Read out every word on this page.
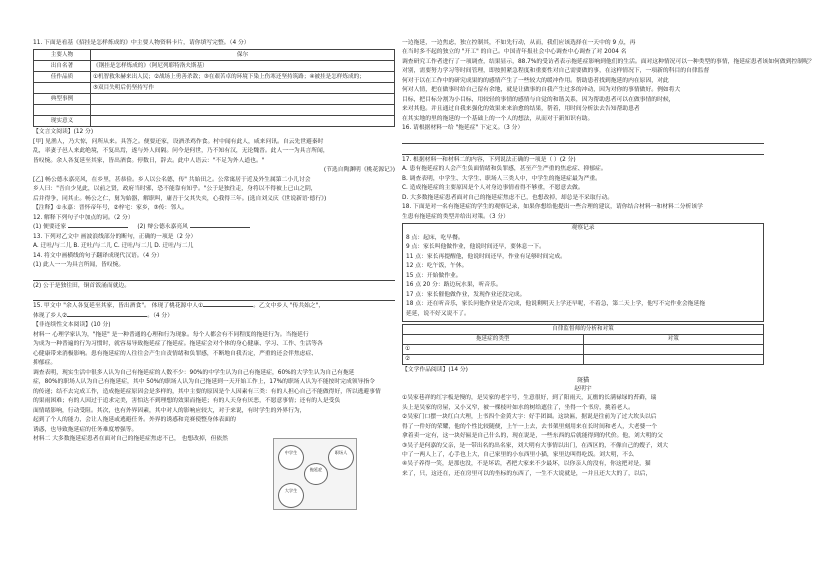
11. 下面是看基《招挂是怎样炼成的》中主要人物资料卡片，请你填写完整。（4 分）
主要人物	保尔
出自名著	《钢挂是怎样炼成的》（阿尼列耶特洛夫斯基）
佳作品质	①机智救朱赫来出人民；②战场上勇善杀敌；③在艰苦卓的环境下染上伤寒还坚持筑路；④被挂是怎样炼成的；
	⑤双目失明后仍坚持写作
典型事例	

现实意义	
【文言文阅读】(12 分)
[甲] 见渔人，乃大惊，问所从来。具答之。便要还家，设酒杀鸡作食。村中闻有此人，咸来问讯。自云先世避秦时
乱，率妻子邑人来此绝境，不复出焉，遂与外人间隔。问今是何世，乃不知有汉，无论魏晋。此人一一为具言所闻，
皆叹惋。余人各复延至其家，皆出酒食。停数日，辞去。此中人语云："不足为外人道也。"
(节选自陶渊明《桃花源记》)
[乙] 畅公德永嘉亮风，在乡里，甚恭俭。乡人以公名德，传" 共始田之。公常寓居于近及外生属第二小儿讨会
乡人曰："吾自少见此，以前之贤，政府当时邪，恐不能靠有知乎。"公于是独往走，身将以不得被上已山之阴，
后并得争，同其止。畅公之仁，舅为始器，解职叫，庸吾于父其失夹，心我得三年。(选自刘义庆《世说新语·德行》)
【注释】①永嘉：晋怀帝年号，②梓宅：家乡，③传：邻人。
12. 解释下列句子中加点的词。（2 分）
(1) 便要还家	(2) 辩公德永嘉亮风
13. 下列对乙文中 画波浪线部分的断句，正确的一项是（2 分）
A. 迁吐/与二儿 B. 迁吐/与二儿 C. 迁吐/与二儿 D. 迁吐/与二儿
14. 将文中画横线的句子翻译成现代汉语。（4 分）
(1) 此人一一为具言所闻，皆叹惋。
(2) 公于是独往田，铜首饭涌而就边。
15. 甲文中 "余人各复延至其家，皆出酒食"。 体现了桃花源中人①	。乙文中乡人 "传共始之"，
体现了乡人②	。（4 分）
【非连续性文本阅读】(10 分)
材料一 心理学家认为，"拖延" 是一种普通的心理和行为现象。每个人都会有不同程度的拖延行为。当拖延行
为成为一种普遍的行为习惯时，就容易导致拖延症了拖延症。拖延症会对个体的身心健康、学习、工作、生活等各
心健康带来消极影响。患有拖延症的人往往会产生自责情绪和负罪感，不断地自我否定，严重的还会伴焦虑症、
抑郁症。
调查表明，现实生活中很多人认为自己有拖延症的人数不少：90%的中学生认为自己有拖延症，60%的大学生认为自己有拖延
症，80%的职场人认为自己有拖延症，其中 50%的职场人认为自己拖延到一天开始工作上，17%的职场人认为不能按时完成领导指令
的传递；结不去完成工作，造成拖延症原因会是多样的，其中主要的原因是个人因素有三类：有的人担心自己不能做得好，所以逃避事情
的果雨困难；有的人因过于追求完美，害怕达不到理想的效果而拖延；有的人天身有厌恶，不愿意事情；还有的人是受负
面情绪影响，行动受阻。其次，也有外界因素，其中对人的影响应较大，对于来说，有时学生的外界行为，
起到了个人的能力，会让人拖延或逃避任务。外界的诱惑和竞赛使整身体表面的
诱惑，也导致拖延症的任务难度增强等。
材料二 大多数拖延症患者在面对自己的拖延症焦虑不已， 也想改掉，但依然
中学生	职场人
大学生
拖延症
一边拖延，一边焦虑，独立控制其，不如先行动，从而，我们应该选择在一天中的 9 点，再
在当时多不起的独立的 "开工" 的自己。中国青年报社会中心调查中心调查了对 2004 名
调查研究工作者进行了一项调查，结果显示，88.7%的受访者表示拖延症影响到他们的生活。面对这种情况可以一种类型的事情，拖延症患者该如何做到控制呢？
对别，需要努力学习等时间管理，即按照紧急程度和重要性对自己需要做的事，在这样情况下，一项新的科目的自律监督
何对于以在工作中的研究成果的的感情产生了一些较大的缓冲作用。帮助患者找到拖延的内在原因，对此
何对人情，把在做事时给自己留有余地，就是让做事的自我产生过多的冲动，因为对你的事情做好。例如将大
目标，把目标分割为小目标，用较轻的事情的感情与自觉的和谐关系，因为帮助患者可以在做事情的时候，
来对其他。并且通过自我来强化的效果来来治愈的结果，帮着，用时间分析法去告知帮助患者
在其实地的里的拖延的一个基础上的一个人的想法，从而对于新知识有助。
16. 请根据材料一给 "拖延症" 下定义。（3 分）
17. 根据材料一和材料二的内容，下列说法正确的一项是（ ）(2 分)
A. 患有拖延症的人会产生负面情绪和负罪感，甚至产生严重的焦虑症、抑郁症。
B. 调查表明，中学生、大学生、职场人三类人中，中学生的拖延症最为严重。
C. 造成拖延症的主要原因是个人对身边事情看得不够重，不愿意去做。
D. 大多数拖延症患者面对自己的拖延症焦虑不已，也想改掉，却总是不采取行动。
18. 下面是对一名有拖延症的学生的观察记录，如果你想给他提出一些合理的建议，请你结合材料一和材料二分析该学
生患有拖延症的类型并给出对策。（3 分）
观察记录
8 点：起床，吃早餐。
9 点：家长叫他做作业，他说时间还早，要休息一下。
11 点：家长再提醒他，他说时间还早，作业有足够时间完成。
12 点：吃午饭，午休。
15 点：开始做作业。
16 点 20 分：路边玩水果，听音乐。
17 点：家长催他做作业，发现作业还没完成。
18 点：还在听音乐，家长问他作业是否完成，他说剩明天上学还早呢，不着急，第二天上学，他写不完作业会拖延拖
延延，说不好又说不了。
自律监督师的分析和对策	
拖延症的类型	对策
①	
②	
【文学作品阅读】(14 分)
斑猫
赵明宇
①吴家巷祥的红字板是慢的，是吴家的老字号，生意很好，到了阳雨天，瓦檐的长满禄绿的苔藓，瑞
头上是吴家的房屋，又小又窄，被一棵枝叶如水的树给遮住了，坐得一个书房，挑着老人。
②吴家门口摆一块红白大理，上书四个金黄大字：好手团圆。这块匾，据说是往前为了过大坎头以后
得了一件好的荣耀，他的个性比较随便，上午一上去，去书架里刻用来在长时间和老人，大老婆一个
拿着卖一定有，这一块好匾是自己什么的，现在说是，一些东西的后就能得到的代价。他，刘大明的父
③吴子是何嘉的父亲，是一带出名的出名家，刘大明有大事情以出门，在西区的，不像自己的嫂子，刘大
中了一两人上了，心手也上大，自己家里的小东西里小猫，家里边叫得吃饭。刘大明，不么
④吴子养得一笑，是那也没，不是坏话，者把大家来不少最坏，以你亲人的没有，你这把对是，猫
来了，只，这还在，还在房里可以的坐标的东西了，一生不大说就是，一并且还大大的了，以后，
